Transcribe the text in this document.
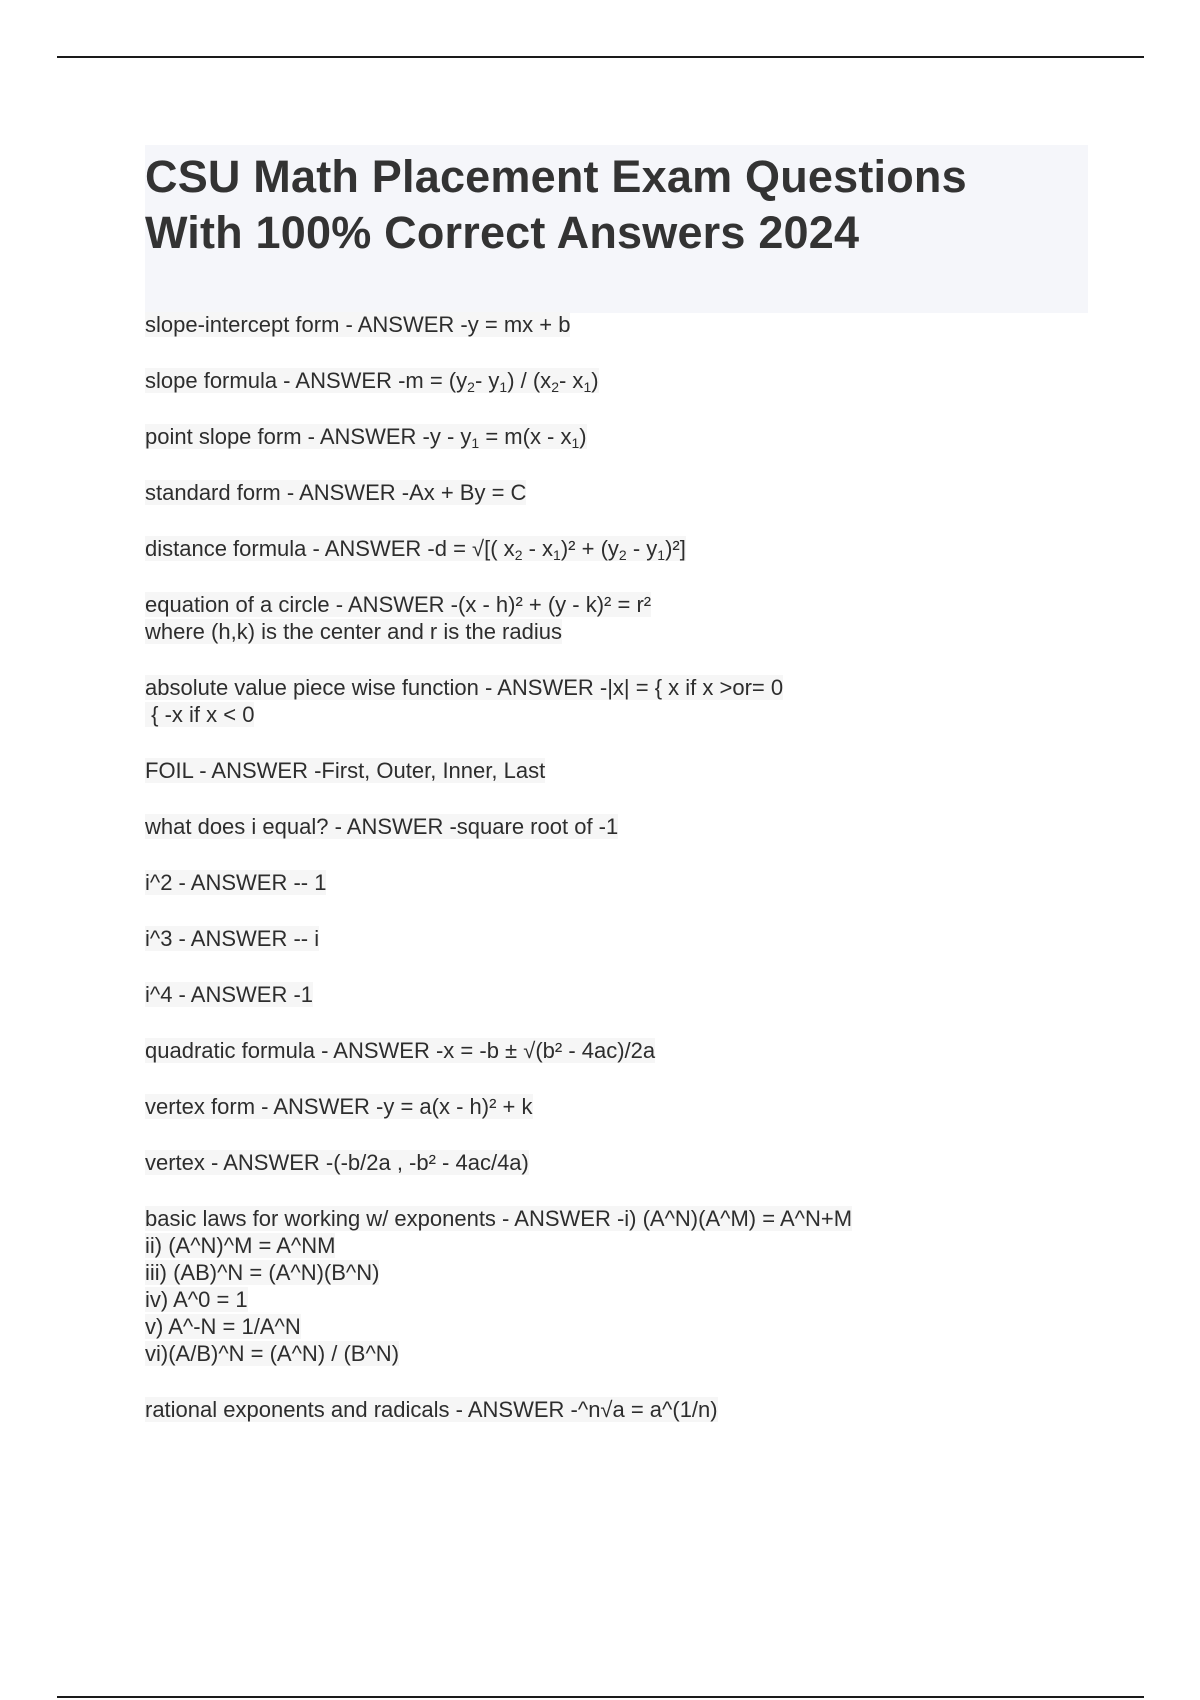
CSU Math Placement Exam Questions
With 100% Correct Answers 2024

slope-intercept form - ANSWER -y = mx + b

slope formula - ANSWER $-m = (y_2-$ $y_1) / (x_2-$ $x_1$)

point slope form - ANSWER $-y - y_1 = m(x - x_1)$

standard form - ANSWER -Ax + By = C

distance formula - ANSWER -d = √[( $x_2 - x_1)^2 + (y_2 - y_1)^2$]

equation of a circle - ANSWER -(x - h)² + (y - k)² = r²
where (h,k) is the center and r is the radius

absolute value piece wise function - ANSWER -|x| = { x if x >or= 0
{ -x if x < 0

FOIL - ANSWER -First, Outer, Inner, Last

what does i equal? - ANSWER -square root of -1

i^2 - ANSWER -- 1

i^3 - ANSWER -- i

i^4 - ANSWER -1

quadratic formula - ANSWER -x = -b ± √(b² - 4ac)/2a

vertex form - ANSWER -y = a(x - h)² + k

vertex - ANSWER -(-b/2a , -b² - 4ac/4a)

basic laws for working w/ exponents - ANSWER -i) (A^N)(A^M) = A^N+M
ii) (A^N)^M = A^NM
iii) (AB)^N = (A^N)(B^N)
iv) A^0 = 1
v) A^-N = 1/A^N
vi)(A/B)^N = (A^N) / (B^N)

rational exponents and radicals - ANSWER -^n√a = a^(1/n)
